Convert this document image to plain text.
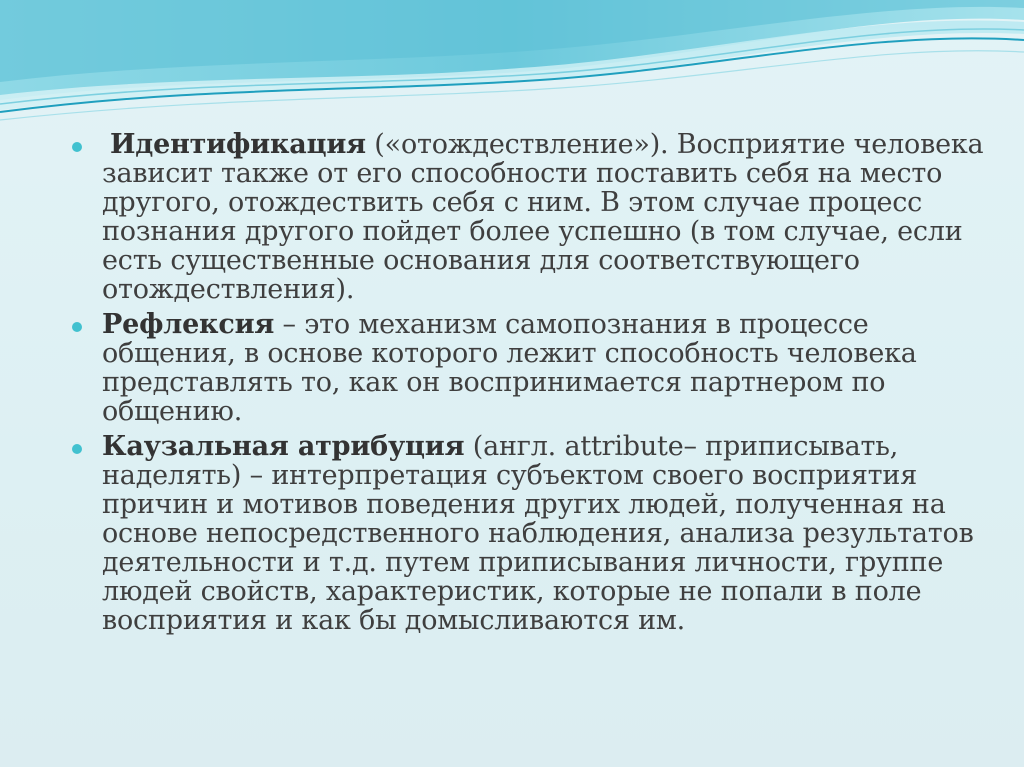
Идентификация («отождествление»). Восприятие человека зависит также от его способности поставить себя на место другого, отождествить себя с ним. В этом случае процесс познания другого пойдет более успешно (в том случае, если есть существенные основания для соответствующего отождествления).
Рефлексия – это механизм самопознания в процессе общения, в основе которого лежит способность человека представлять то, как он воспринимается партнером по общению.
Каузальная атрибуция (англ. attribute– приписывать, наделять) – интерпретация субъектом своего восприятия причин и мотивов поведения других людей, полученная на основе непосредственного наблюдения, анализа результатов деятельности и т.д. путем приписывания личности, группе людей свойств, характеристик, которые не попали в поле восприятия и как бы домысливаются им.
